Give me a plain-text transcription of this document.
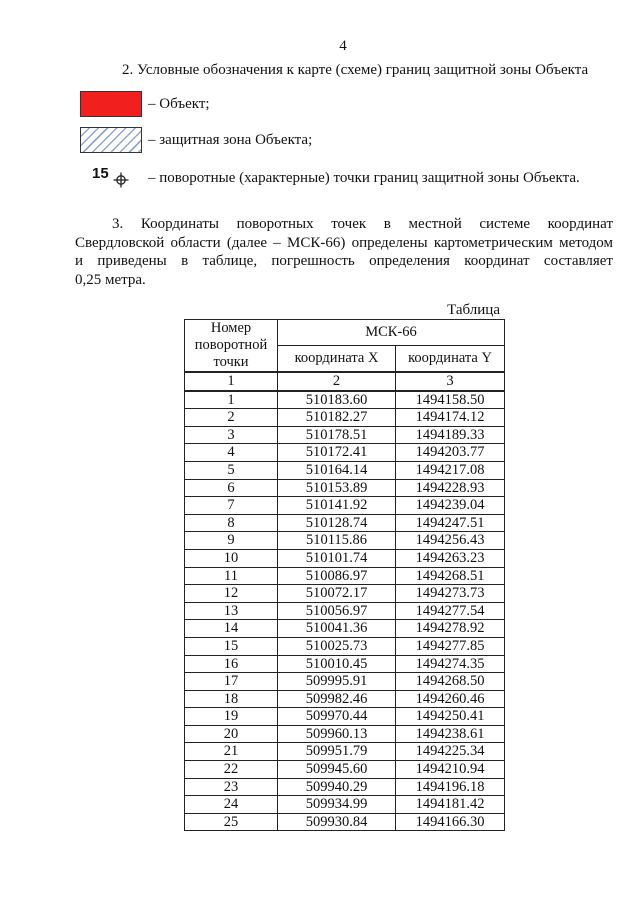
4
2. Условные обозначения к карте (схеме) границ защитной зоны Объекта
– Объект;
– защитная зона Объекта;
15	– поворотные (характерные) точки границ защитной зоны Объекта.
3. Координаты поворотных точек в местной системе координат
Свердловской области (далее – МСК-66) определены картометрическим методом
и приведены в таблице, погрешность определения координат составляет
0,25 метра.
Таблица
Номер поворотной точки	МСК-66	
	координата X	координата Y
1	2	3
1	510183.60	1494158.50
2	510182.27	1494174.12
3	510178.51	1494189.33
4	510172.41	1494203.77
5	510164.14	1494217.08
6	510153.89	1494228.93
7	510141.92	1494239.04
8	510128.74	1494247.51
9	510115.86	1494256.43
10	510101.74	1494263.23
11	510086.97	1494268.51
12	510072.17	1494273.73
13	510056.97	1494277.54
14	510041.36	1494278.92
15	510025.73	1494277.85
16	510010.45	1494274.35
17	509995.91	1494268.50
18	509982.46	1494260.46
19	509970.44	1494250.41
20	509960.13	1494238.61
21	509951.79	1494225.34
22	509945.60	1494210.94
23	509940.29	1494196.18
24	509934.99	1494181.42
25	509930.84	1494166.30
